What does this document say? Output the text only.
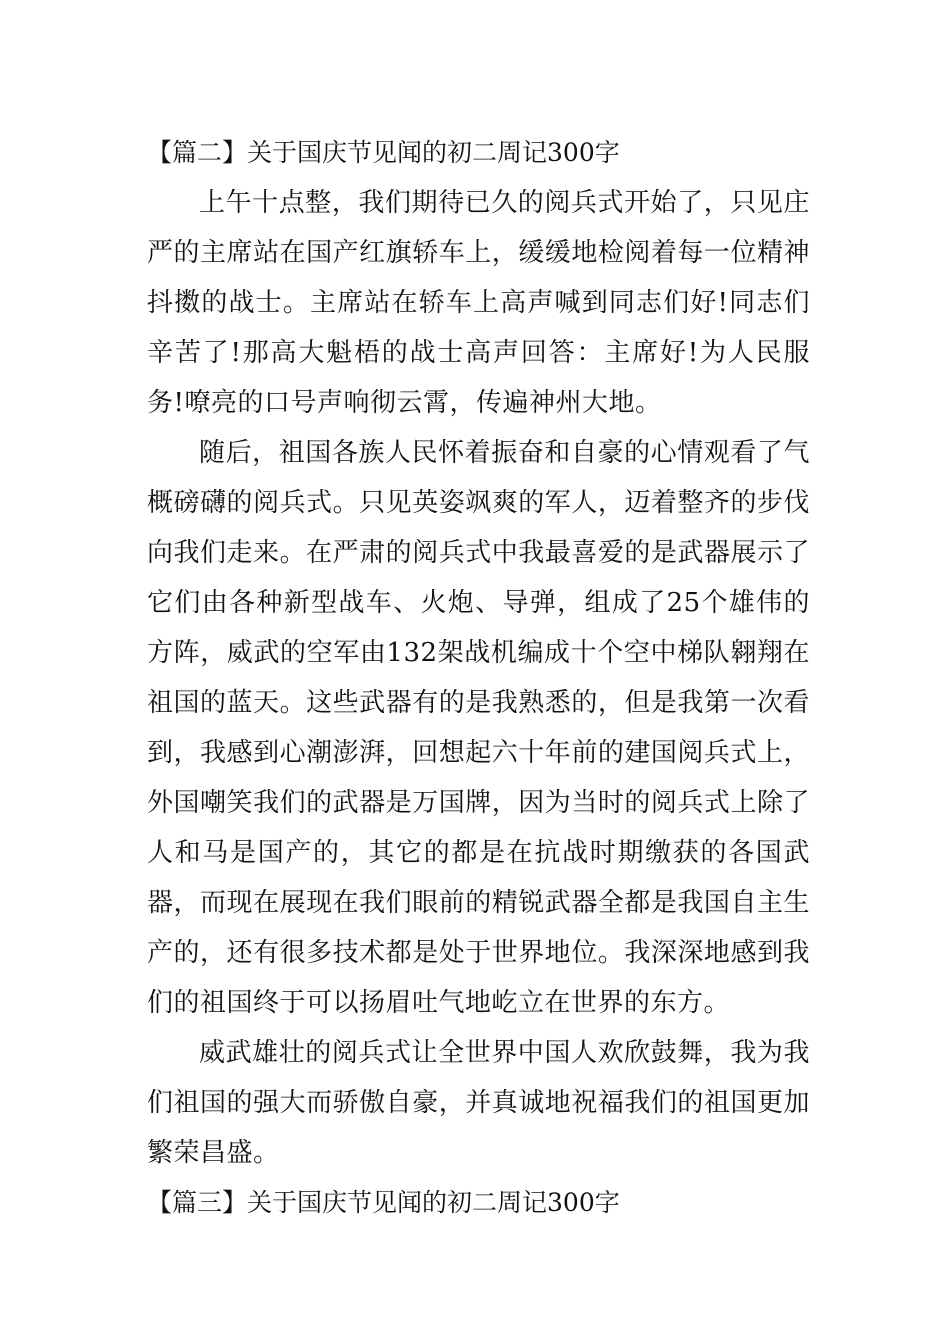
【篇二】关于国庆节见闻的初二周记300字

上午十点整，我们期待已久的阅兵式开始了，只见庄严的主席站在国产红旗轿车上，缓缓地检阅着每一位精神抖擞的战士。主席站在轿车上高声喊到同志们好!同志们辛苦了!那高大魁梧的战士高声回答：主席好!为人民服务!嘹亮的口号声响彻云霄，传遍神州大地。

随后，祖国各族人民怀着振奋和自豪的心情观看了气概磅礴的阅兵式。只见英姿飒爽的军人，迈着整齐的步伐向我们走来。在严肃的阅兵式中我最喜爱的是武器展示了它们由各种新型战车、火炮、导弹，组成了25个雄伟的方阵，威武的空军由132架战机编成十个空中梯队翱翔在祖国的蓝天。这些武器有的是我熟悉的，但是我第一次看到，我感到心潮澎湃，回想起六十年前的建国阅兵式上，外国嘲笑我们的武器是万国牌，因为当时的阅兵式上除了人和马是国产的，其它的都是在抗战时期缴获的各国武器，而现在展现在我们眼前的精锐武器全都是我国自主生产的，还有很多技术都是处于世界地位。我深深地感到我们的祖国终于可以扬眉吐气地屹立在世界的东方。

威武雄壮的阅兵式让全世界中国人欢欣鼓舞，我为我们祖国的强大而骄傲自豪，并真诚地祝福我们的祖国更加繁荣昌盛。

【篇三】关于国庆节见闻的初二周记300字
